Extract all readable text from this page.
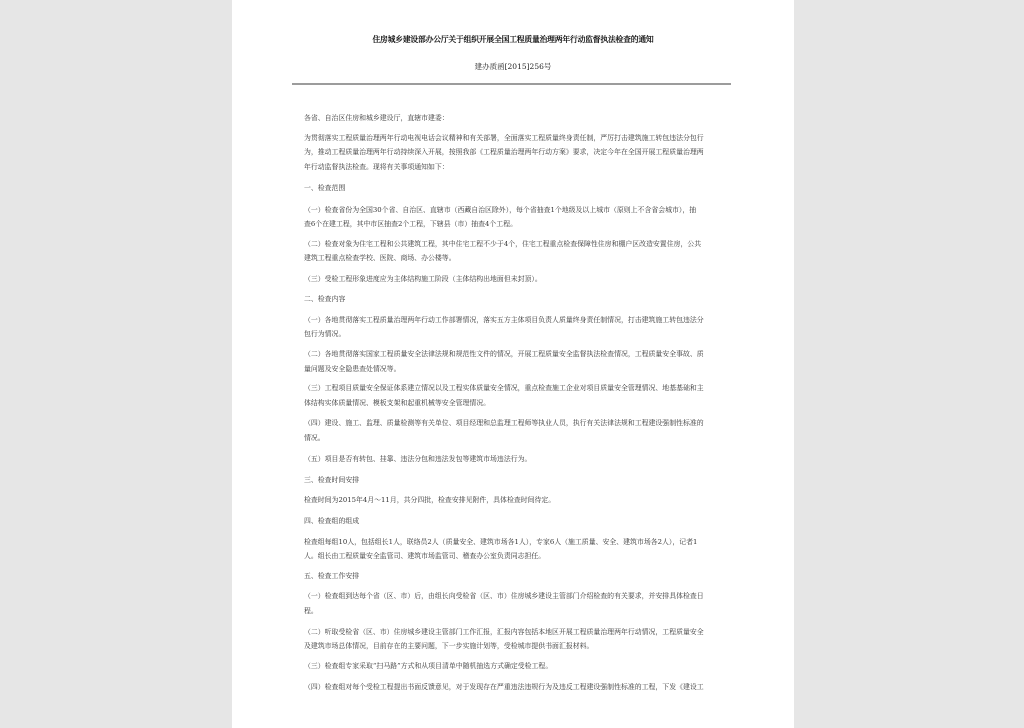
住房城乡建设部办公厅关于组织开展全国工程质量治理两年行动监督执法检查的通知
建办质函[2015]256号
各省、自治区住房和城乡建设厅，直辖市建委：
为贯彻落实工程质量治理两年行动电视电话会议精神和有关部署，全面落实工程质量终身责任制，严厉打击建筑施工转包违法分包行
为，推动工程质量治理两年行动持续深入开展，按照我部《工程质量治理两年行动方案》要求，决定今年在全国开展工程质量治理两
年行动监督执法检查。现将有关事项通知如下：
一、检查范围
（一）检查省份为全国30个省、自治区、直辖市（西藏自治区除外），每个省抽查1个地级及以上城市（原则上不含省会城市），抽
查6个在建工程，其中市区抽查2个工程，下辖县（市）抽查4个工程。
（二）检查对象为住宅工程和公共建筑工程，其中住宅工程不少于4个，住宅工程重点检查保障性住房和棚户区改造安置住房，公共
建筑工程重点检查学校、医院、商场、办公楼等。
（三）受检工程形象进度应为主体结构施工阶段（主体结构出地面但未封顶）。
二、检查内容
（一）各地贯彻落实工程质量治理两年行动工作部署情况，落实五方主体项目负责人质量终身责任制情况，打击建筑施工转包违法分
包行为情况。
（二）各地贯彻落实国家工程质量安全法律法规和规范性文件的情况，开展工程质量安全监督执法检查情况，工程质量安全事故、质
量问题及安全隐患查处情况等。
（三）工程项目质量安全保证体系建立情况以及工程实体质量安全情况，重点检查施工企业对项目质量安全管理情况、地基基础和主
体结构实体质量情况、模板支架和起重机械等安全管理情况。
（四）建设、施工、监理、质量检测等有关单位、项目经理和总监理工程师等执业人员，执行有关法律法规和工程建设强制性标准的
情况。
（五）项目是否有转包、挂靠、违法分包和违法发包等建筑市场违法行为。
三、检查时间安排
检查时间为2015年4月～11月，共分四批，检查安排见附件，具体检查时间待定。
四、检查组的组成
检查组每组10人，包括组长1人，联络员2人（质量安全、建筑市场各1人），专家6人（施工质量、安全、建筑市场各2人），记者1
人。组长由工程质量安全监管司、建筑市场监管司、稽查办公室负责同志担任。
五、检查工作安排
（一）检查组到达每个省（区、市）后，由组长向受检省（区、市）住房城乡建设主管部门介绍检查的有关要求，并安排具体检查日
程。
（二）听取受检省（区、市）住房城乡建设主管部门工作汇报，汇报内容包括本地区开展工程质量治理两年行动情况，工程质量安全
及建筑市场总体情况，目前存在的主要问题，下一步实施计划等，受检城市提供书面汇报材料。
（三）检查组专家采取“扫马路”方式和从项目清单中随机抽选方式确定受检工程。
（四）检查组对每个受检工程提出书面反馈意见，对于发现存在严重违法违规行为及违反工程建设强制性标准的工程，下发《建设工
